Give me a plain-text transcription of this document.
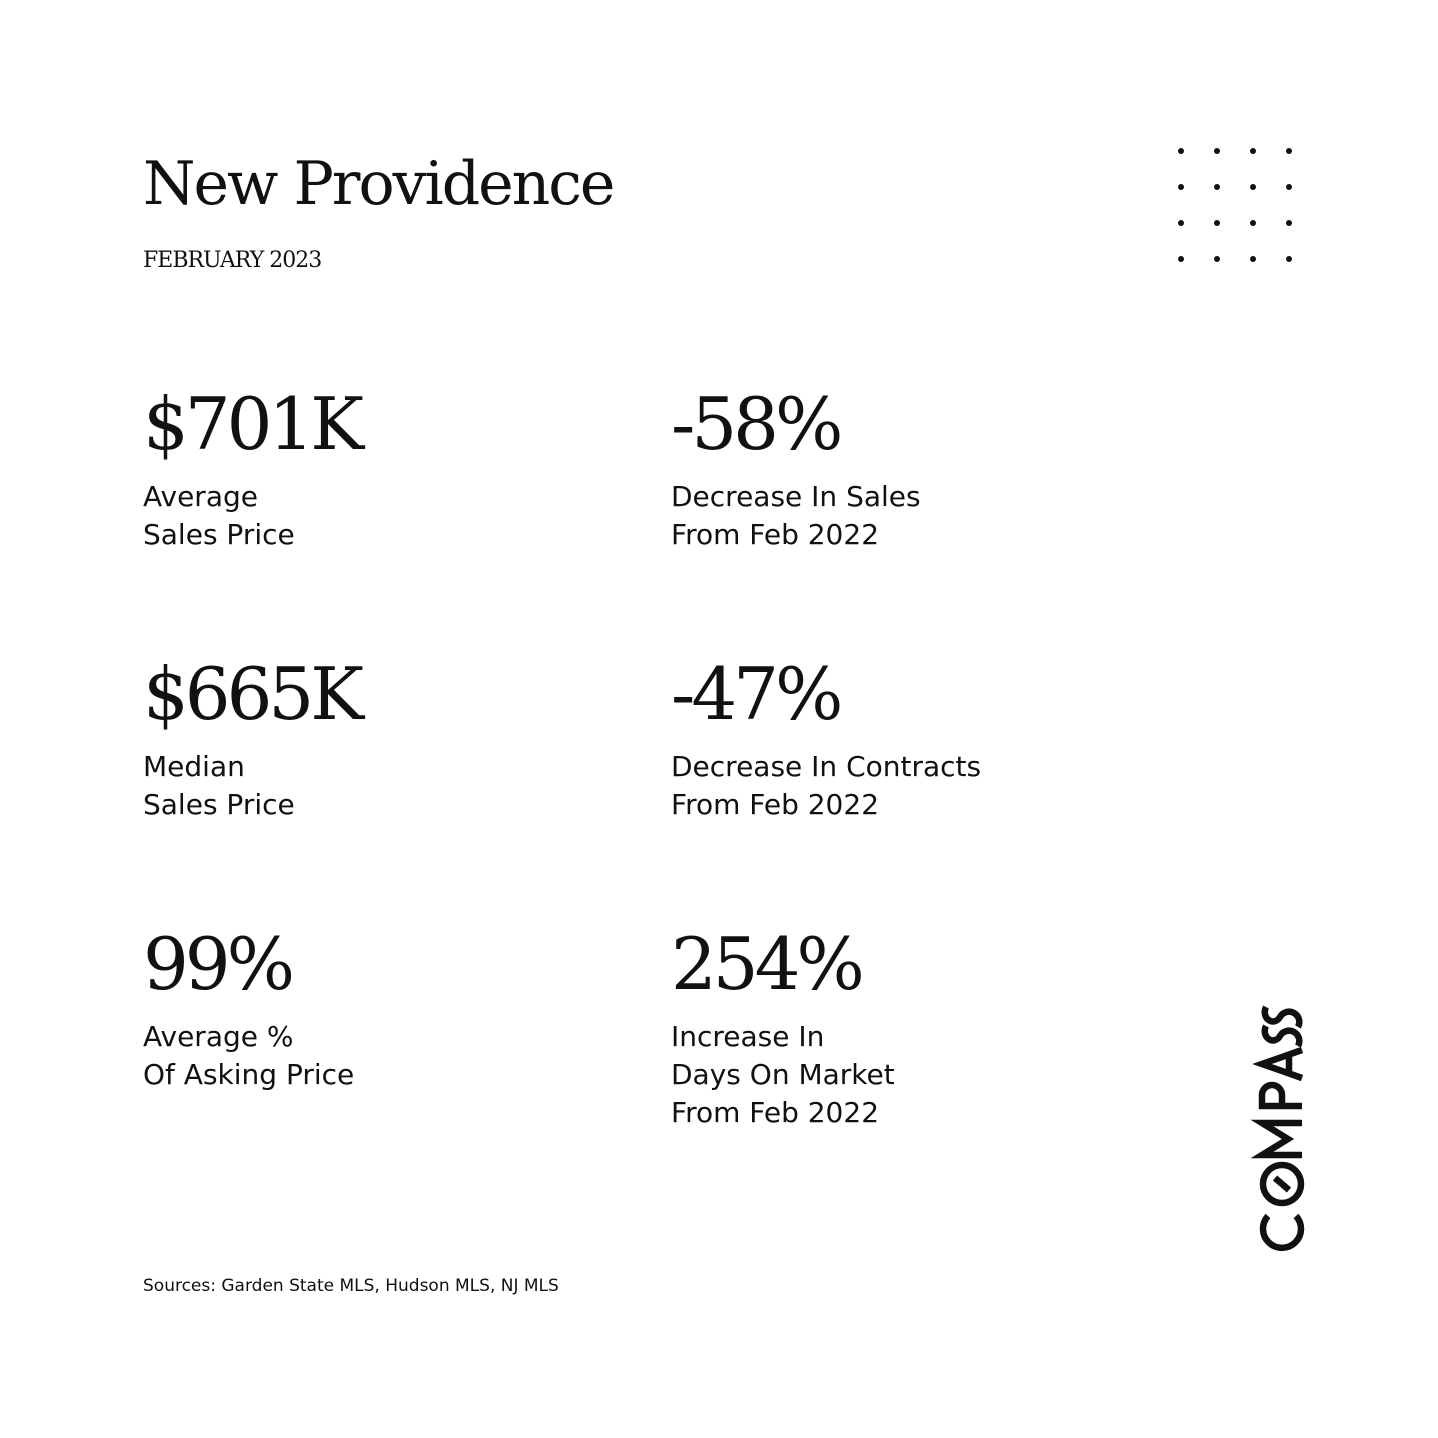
New Providence
FEBRUARY 2023
$701K
Average
Sales Price
-58%
Decrease In Sales
From Feb 2022
$665K
Median
Sales Price
-47%
Decrease In Contracts
From Feb 2022
99%
Average %
Of Asking Price
254%
Increase In
Days On Market
From Feb 2022
Sources: Garden State MLS, Hudson MLS, NJ MLS
